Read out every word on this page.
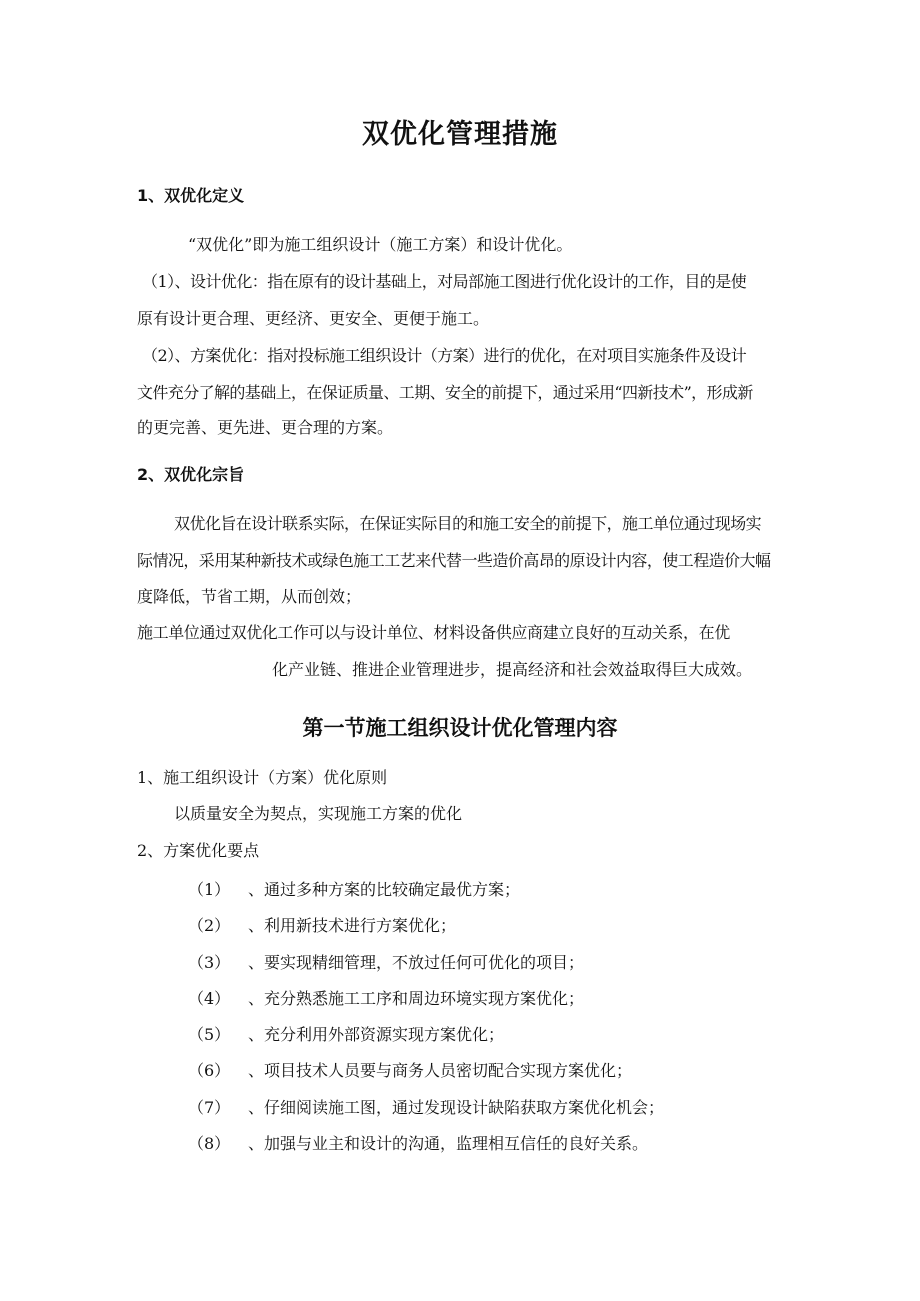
双优化管理措施
1、双优化定义

“双优化”即为施工组织设计（施工方案）和设计优化。

（1）、设计优化：指在原有的设计基础上，对局部施工图进行优化设计的工作，目的是使

原有设计更合理、更经济、更安全、更便于施工。

（2）、方案优化：指对投标施工组织设计（方案）进行的优化，在对项目实施条件及设计

文件充分了解的基础上，在保证质量、工期、安全的前提下，通过采用“四新技术”，形成新

的更完善、更先进、更合理的方案。

2、双优化宗旨

双优化旨在设计联系实际，在保证实际目的和施工安全的前提下，施工单位通过现场实

际情况，采用某种新技术或绿色施工工艺来代替一些造价高昂的原设计内容，使工程造价大幅

度降低，节省工期，从而创效；

施工单位通过双优化工作可以与设计单位、材料设备供应商建立良好的互动关系，在优

化产业链、推进企业管理进步，提高经济和社会效益取得巨大成效。

第一节施工组织设计优化管理内容

1、施工组织设计（方案）优化原则

以质量安全为契点，实现施工方案的优化

2、方案优化要点

（1） 、通过多种方案的比较确定最优方案；
（2） 、利用新技术进行方案优化；
（3） 、要实现精细管理，不放过任何可优化的项目；
（4） 、充分熟悉施工工序和周边环境实现方案优化；
（5） 、充分利用外部资源实现方案优化；
（6） 、项目技术人员要与商务人员密切配合实现方案优化；
（7） 、仔细阅读施工图，通过发现设计缺陷获取方案优化机会；
（8） 、加强与业主和设计的沟通，监理相互信任的良好关系。
